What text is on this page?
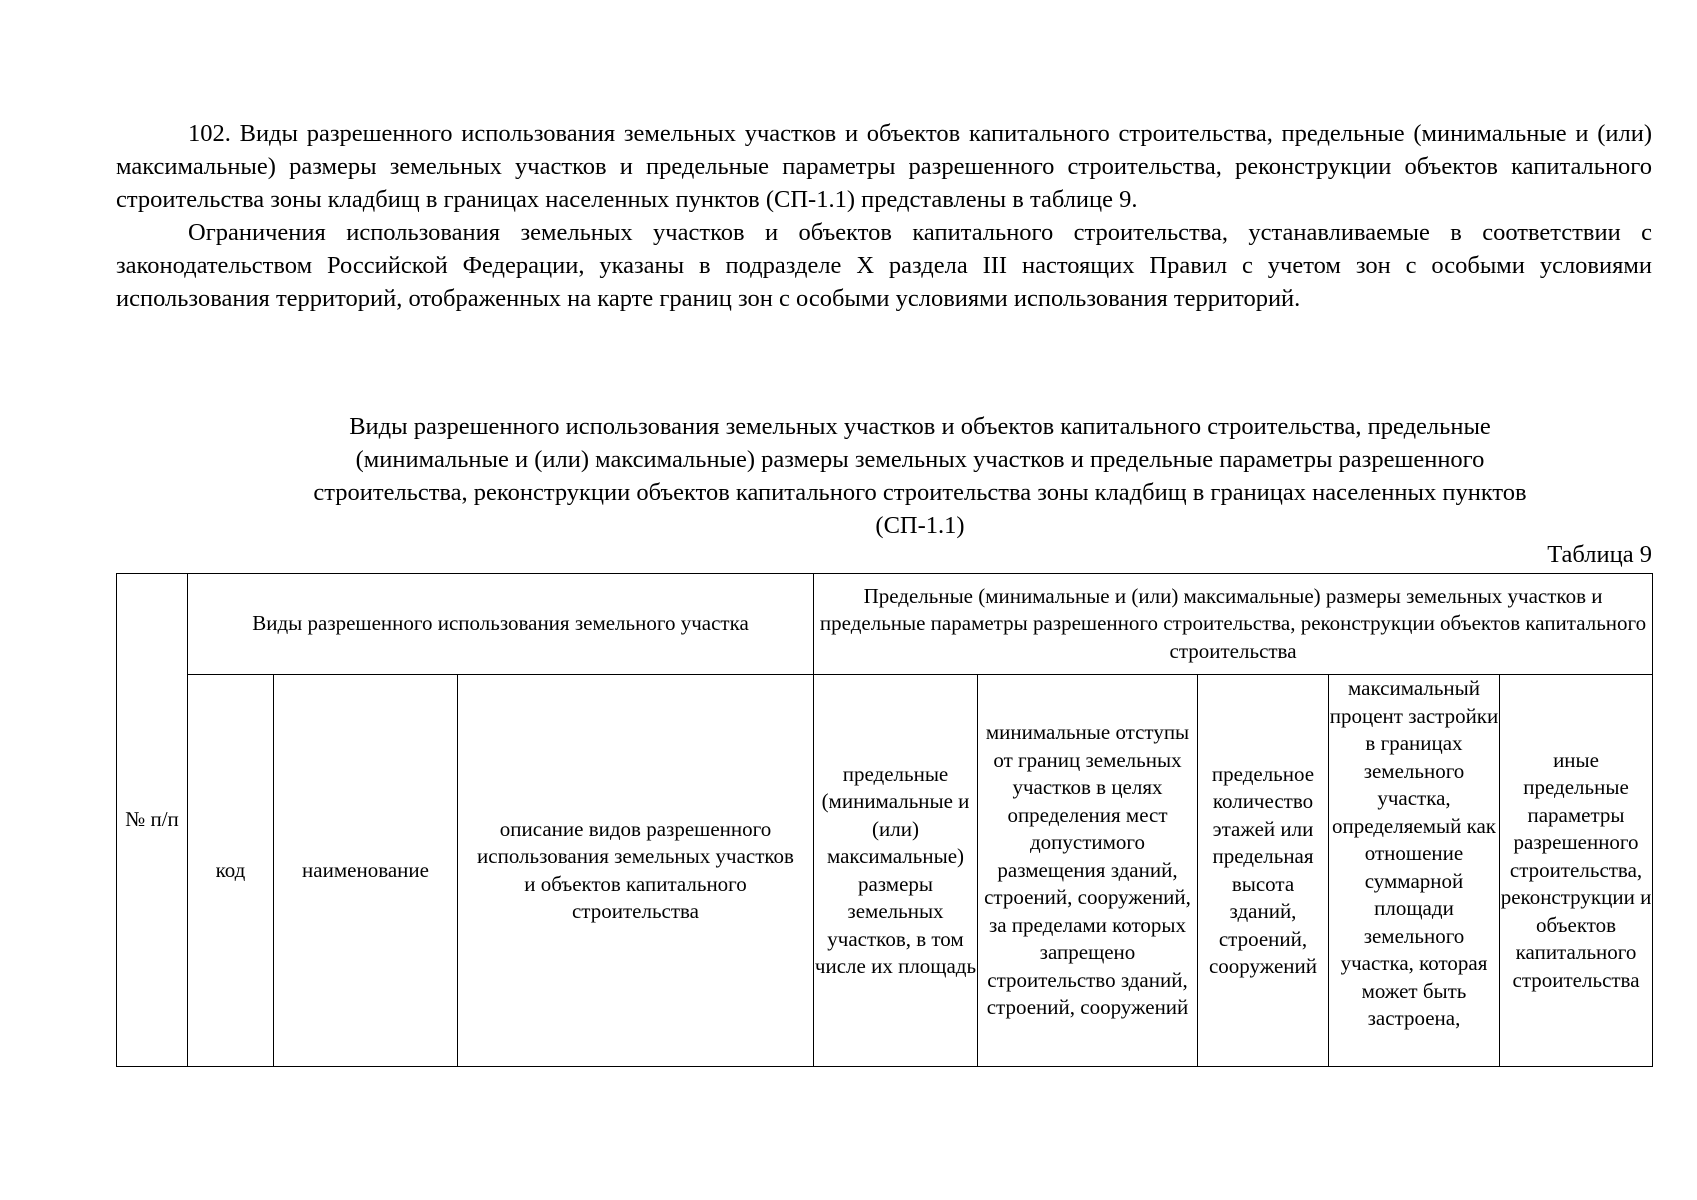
102. Виды разрешенного использования земельных участков и объектов капитального строительства, предельные (минимальные и (или) максимальные) размеры земельных участков и предельные параметры разрешенного строительства, реконструкции объектов капитального строительства зоны кладбищ в границах населенных пунктов (СП-1.1) представлены в таблице 9.

Ограничения использования земельных участков и объектов капитального строительства, устанавливаемые в соответствии с законодательством Российской Федерации, указаны в подразделе X раздела III настоящих Правил с учетом зон с особыми условиями использования территорий, отображенных на карте границ зон с особыми условиями использования территорий.

Виды разрешенного использования земельных участков и объектов капитального строительства, предельные
(минимальные и (или) максимальные) размеры земельных участков и предельные параметры разрешенного
строительства, реконструкции объектов капитального строительства зоны кладбищ в границах населенных пунктов
(СП-1.1)
Таблица 9
№ п/п	Виды разрешенного использования земельного участка			Предельные (минимальные и (или) максимальные) размеры земельных участков и предельные параметры разрешенного строительства, реконструкции объектов капитального строительства				
	код	наименование	описание видов разрешенного использования земельных участков и объектов капитального строительства	предельные (минимальные и (или) максимальные) размеры земельных участков, в том числе их площадь	минимальные отступы от границ земельных участков в целях определения мест допустимого размещения зданий, строений, сооружений, за пределами которых запрещено строительство зданий, строений, сооружений	предельное количество этажей или предельная высота зданий, строений, сооружений	максимальный процент застройки в границах земельного участка, определяемый как отношение суммарной площади земельного участка, которая может быть застроена,	иные предельные параметры разрешенного строительства, реконструкции и объектов капитального строительства
